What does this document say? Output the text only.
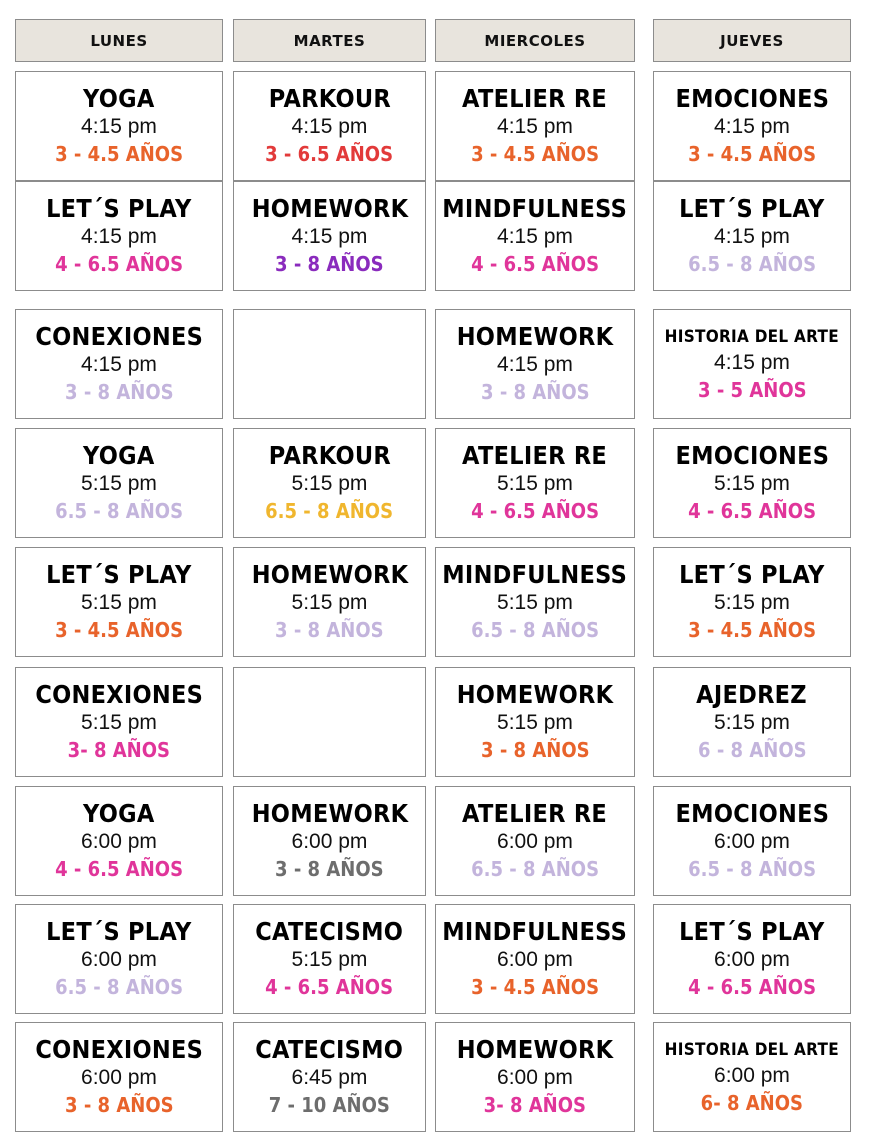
LUNES
YOGA
4:15 pm
3 - 4.5 AÑOS
LET´S PLAY
4:15 pm
4 - 6.5 AÑOS
CONEXIONES
4:15 pm
3 - 8 AÑOS
YOGA
5:15 pm
6.5 - 8 AÑOS
LET´S PLAY
5:15 pm
3 - 4.5 AÑOS
CONEXIONES
5:15 pm
3- 8 AÑOS
YOGA
6:00 pm
4 - 6.5 AÑOS
LET´S PLAY
6:00 pm
6.5 - 8 AÑOS
CONEXIONES
6:00 pm
3 - 8 AÑOS
MARTES
PARKOUR
4:15 pm
3 - 6.5 AÑOS
HOMEWORK
4:15 pm
3 - 8 AÑOS
PARKOUR
5:15 pm
6.5 - 8 AÑOS
HOMEWORK
5:15 pm
3 - 8 AÑOS
HOMEWORK
6:00 pm
3 - 8 AÑOS
CATECISMO
5:15 pm
4 - 6.5 AÑOS
CATECISMO
6:45 pm
7 - 10 AÑOS
MIERCOLES
ATELIER RE
4:15 pm
3 - 4.5 AÑOS
MINDFULNESS
4:15 pm
4 - 6.5 AÑOS
HOMEWORK
4:15 pm
3 - 8 AÑOS
ATELIER RE
5:15 pm
4 - 6.5 AÑOS
MINDFULNESS
5:15 pm
6.5 - 8 AÑOS
HOMEWORK
5:15 pm
3 - 8 AÑOS
ATELIER RE
6:00 pm
6.5 - 8 AÑOS
MINDFULNESS
6:00 pm
3 - 4.5 AÑOS
HOMEWORK
6:00 pm
3- 8 AÑOS
JUEVES
EMOCIONES
4:15 pm
3 - 4.5 AÑOS
LET´S PLAY
4:15 pm
6.5 - 8 AÑOS
HISTORIA DEL ARTE
4:15 pm
3 - 5 AÑOS
EMOCIONES
5:15 pm
4 - 6.5 AÑOS
LET´S PLAY
5:15 pm
3 - 4.5 AÑOS
AJEDREZ
5:15 pm
6 - 8 AÑOS
EMOCIONES
6:00 pm
6.5 - 8 AÑOS
LET´S PLAY
6:00 pm
4 - 6.5 AÑOS
HISTORIA DEL ARTE
6:00 pm
6- 8 AÑOS
